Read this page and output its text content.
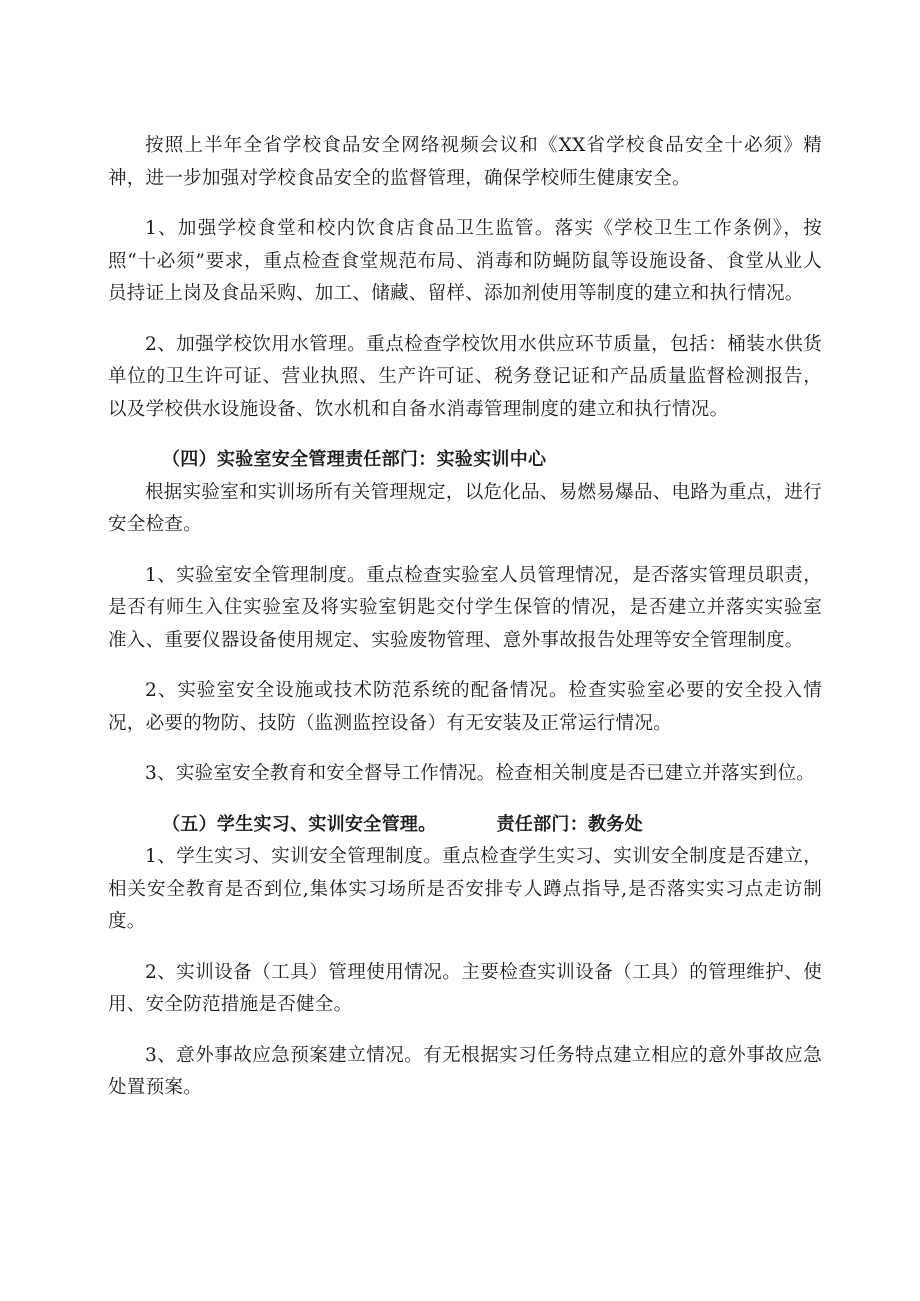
按照上半年全省学校食品安全网络视频会议和《XX省学校食品安全十必须》精神，进一步加强对学校食品安全的监督管理，确保学校师生健康安全。

1、加强学校食堂和校内饮食店食品卫生监管。落实《学校卫生工作条例》，按照“十必须”要求，重点检查食堂规范布局、消毒和防蝇防鼠等设施设备、食堂从业人员持证上岗及食品采购、加工、储藏、留样、添加剂使用等制度的建立和执行情况。

2、加强学校饮用水管理。重点检查学校饮用水供应环节质量，包括：桶装水供货单位的卫生许可证、营业执照、生产许可证、税务登记证和产品质量监督检测报告，以及学校供水设施设备、饮水机和自备水消毒管理制度的建立和执行情况。

（四）实验室安全管理责任部门：实验实训中心

根据实验室和实训场所有关管理规定，以危化品、易燃易爆品、电路为重点，进行安全检查。

1、实验室安全管理制度。重点检查实验室人员管理情况，是否落实管理员职责，是否有师生入住实验室及将实验室钥匙交付学生保管的情况，是否建立并落实实验室准入、重要仪器设备使用规定、实验废物管理、意外事故报告处理等安全管理制度。

2、实验室安全设施或技术防范系统的配备情况。检查实验室必要的安全投入情况，必要的物防、技防（监测监控设备）有无安装及正常运行情况。

3、实验室安全教育和安全督导工作情况。检查相关制度是否已建立并落实到位。

（五）学生实习、实训安全管理。	责任部门：教务处

1、学生实习、实训安全管理制度。重点检查学生实习、实训安全制度是否建立，相关安全教育是否到位,集体实习场所是否安排专人蹲点指导,是否落实实习点走访制度。

2、实训设备（工具）管理使用情况。主要检查实训设备（工具）的管理维护、使用、安全防范措施是否健全。

3、意外事故应急预案建立情况。有无根据实习任务特点建立相应的意外事故应急处置预案。
